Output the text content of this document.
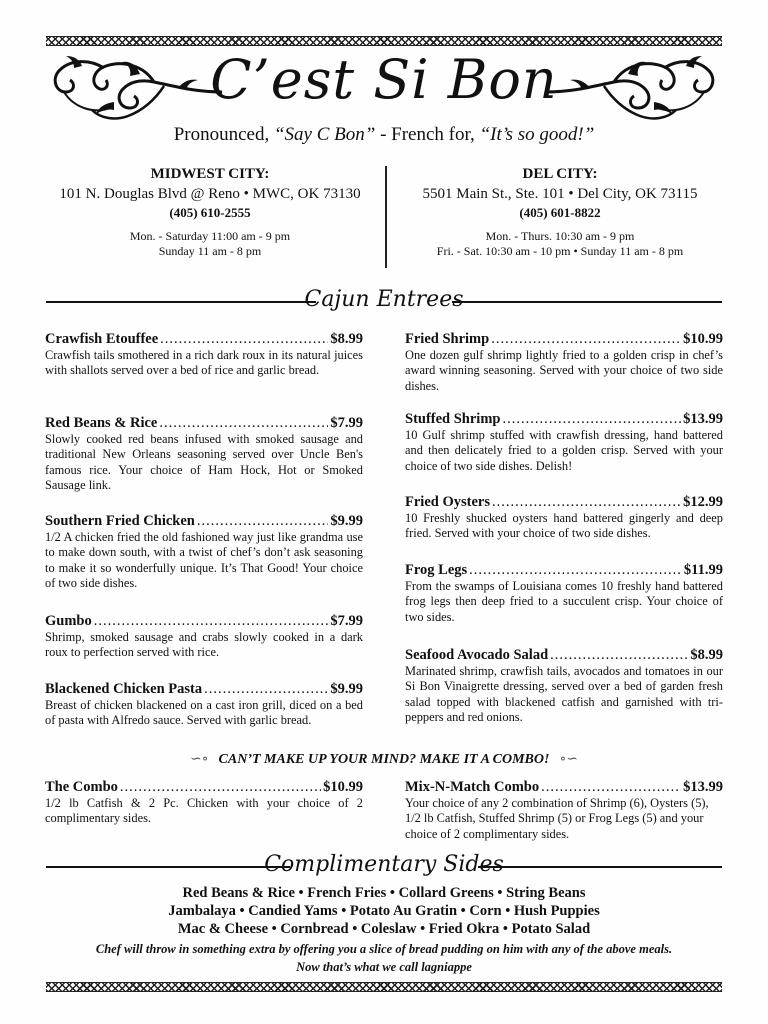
C’est Si Bon
Pronounced, “Say C Bon” - French for, “It’s so good!”
MIDWEST CITY:
101 N. Douglas Blvd @ Reno • MWC, OK 73130
(405) 610-2555
Mon. - Saturday 11:00 am - 9 pm
Sunday 11 am - 8 pm
DEL CITY:
5501 Main St., Ste. 101 • Del City, OK 73115
(405) 601-8822
Mon. - Thurs. 10:30 am - 9 pm
Fri. - Sat. 10:30 am - 10 pm • Sunday 11 am - 8 pm
Cajun Entrees
Crawfish Etouffee .....	$8.99
Crawfish tails smothered in a rich dark roux in its natural juices with shallots served over a bed of rice and garlic bread.
Red Beans & Rice .....	$7.99
Slowly cooked red beans infused with smoked sausage and traditional New Orleans seasoning served over Uncle Ben's famous rice. Your choice of Ham Hock, Hot or Smoked Sausage link.
Southern Fried Chicken .....	$9.99
1/2 A chicken fried the old fashioned way just like grandma use to make down south, with a twist of chef’s don’t ask seasoning to make it so wonderfully unique. It’s That Good! Your choice of two side dishes.
Gumbo .....	$7.99
Shrimp, smoked sausage and crabs slowly cooked in a dark roux to perfection served with rice.
Blackened Chicken Pasta .....	$9.99
Breast of chicken blackened on a cast iron grill, diced on a bed of pasta with Alfredo sauce. Served with garlic bread.
Fried Shrimp .....	$10.99
One dozen gulf shrimp lightly fried to a golden crisp in chef’s award winning seasoning. Served with your choice of two side dishes.
Stuffed Shrimp .....	$13.99
10 Gulf shrimp stuffed with crawfish dressing, hand battered and then delicately fried to a golden crisp. Served with your choice of two side dishes. Delish!
Fried Oysters .....	$12.99
10 Freshly shucked oysters hand battered gingerly and deep fried. Served with your choice of two side dishes.
Frog Legs .....	$11.99
From the swamps of Louisiana comes 10 freshly hand battered frog legs then deep fried to a succulent crisp. Your choice of two sides.
Seafood Avocado Salad .....	$8.99
Marinated shrimp, crawfish tails, avocados and tomatoes in our Si Bon Vinaigrette dressing, served over a bed of garden fresh salad topped with blackened catfish and garnished with tri-peppers and red onions.
∽∘ CAN’T MAKE UP YOUR MIND? MAKE IT A COMBO! ∘∽
The Combo .....	$10.99
1/2 lb Catfish & 2 Pc. Chicken with your choice of 2 complimentary sides.
Mix-N-Match Combo .....	$13.99
Your choice of any 2 combination of Shrimp (6), Oysters (5), 1/2 lb Catfish, Stuffed Shrimp (5) or Frog Legs (5) and your choice of 2 complimentary sides.
Complimentary Sides
Red Beans & Rice • French Fries • Collard Greens • String Beans
Jambalaya • Candied Yams • Potato Au Gratin • Corn • Hush Puppies
Mac & Cheese • Cornbread • Coleslaw • Fried Okra • Potato Salad
Chef will throw in something extra by offering you a slice of bread pudding on him with any of the above meals.
Now that’s what we call lagniappe
